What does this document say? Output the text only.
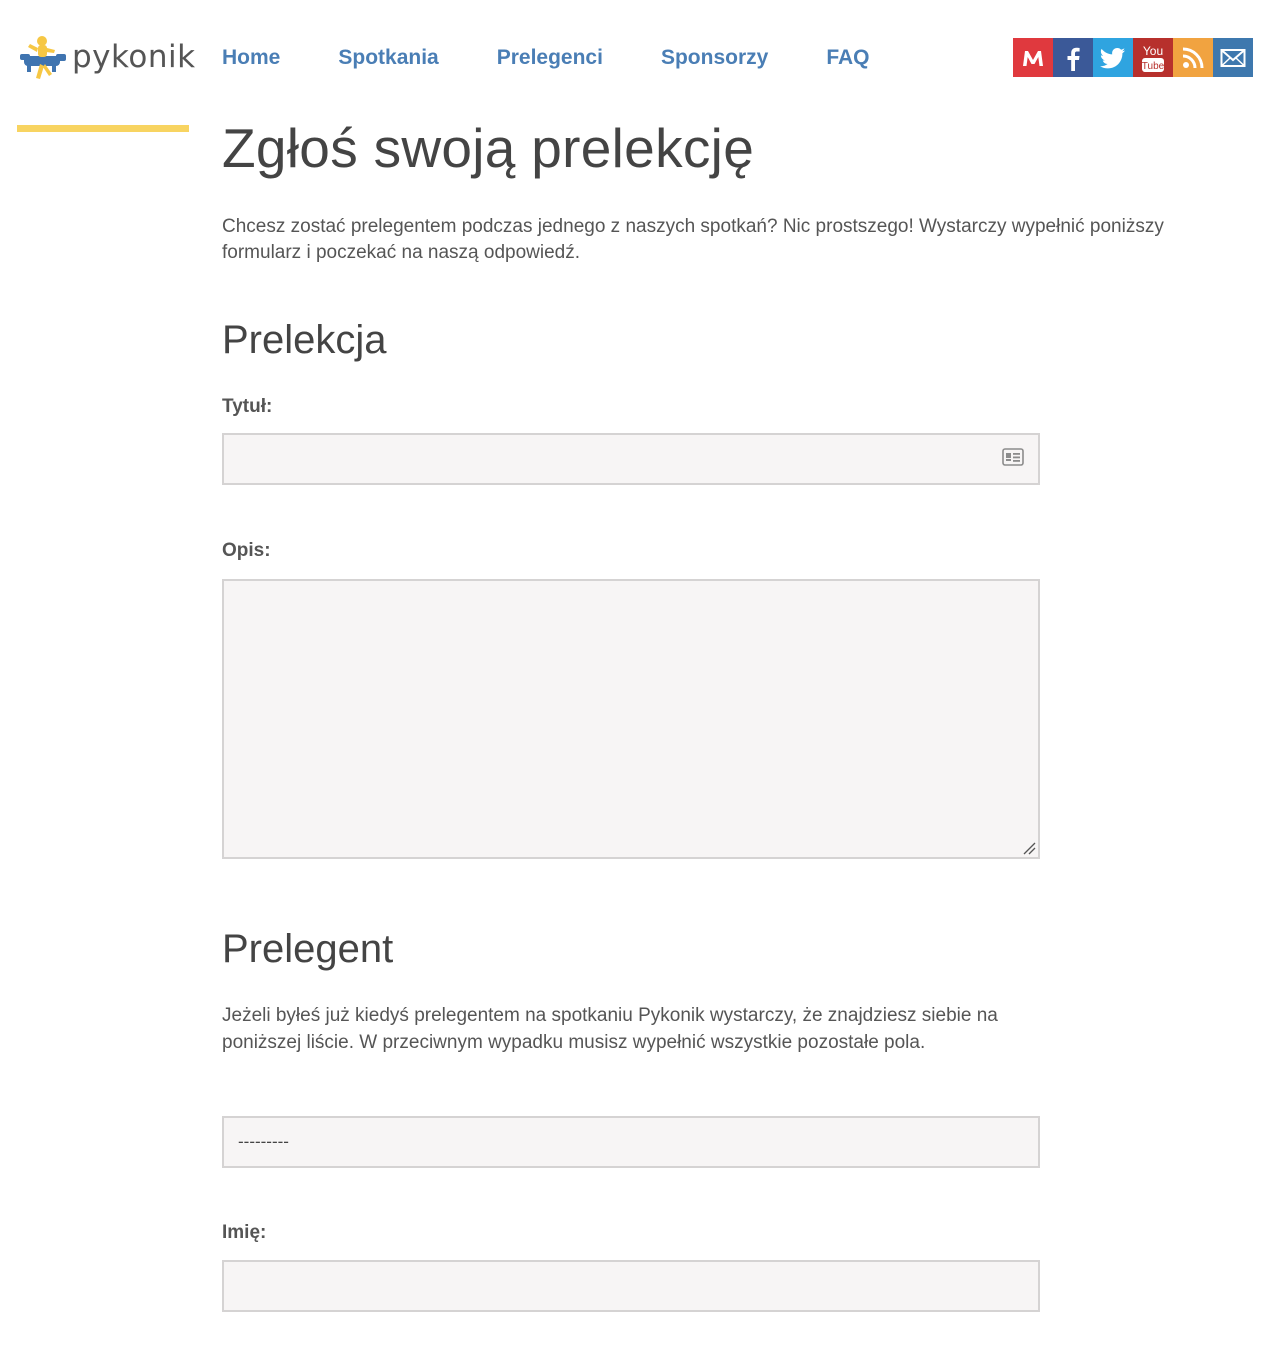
pykonik Home	Spotkania	Prelegenci	Sponsorzy	FAQ	You
Tube
Zgłoś swoją prelekcję

Chcesz zostać prelegentem podczas jednego z naszych spotkań? Nic prostszego! Wystarczy wypełnić poniższy formularz i poczekać na naszą odpowiedź.

Prelekcja
Tytuł:
Opis:
Prelegent

Jeżeli byłeś już kiedyś prelegentem na spotkaniu Pykonik wystarczy, że znajdziesz siebie na poniższej liście. W przeciwnym wypadku musisz wypełnić wszystkie pozostałe pola.

---------
Imię:
